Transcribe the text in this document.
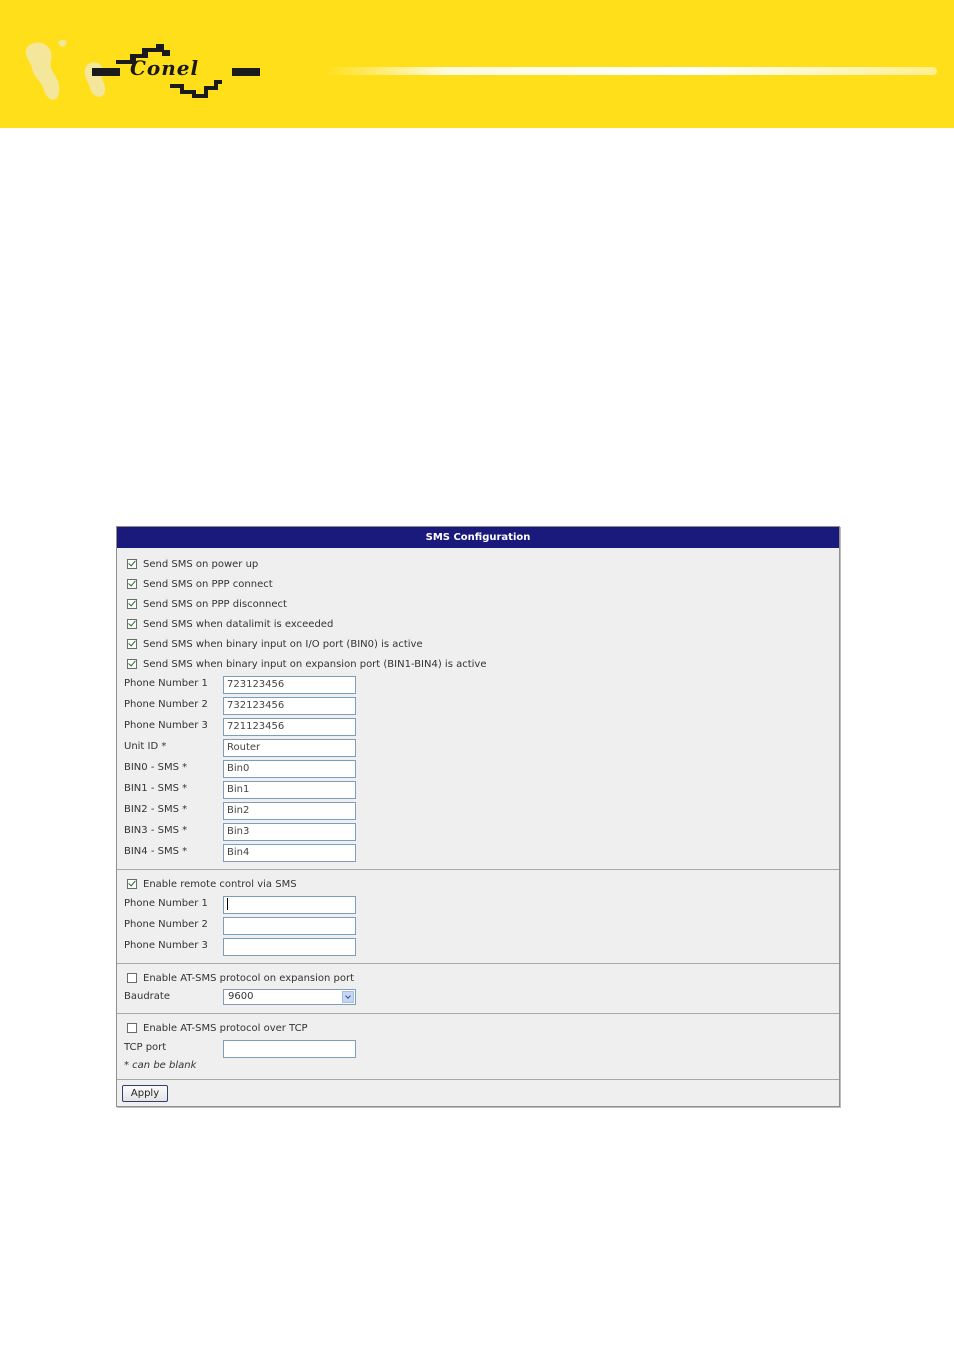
Conel
SMS Configuration
Send SMS on power up
Send SMS on PPP connect
Send SMS on PPP disconnect
Send SMS when datalimit is exceeded
Send SMS when binary input on I/O port (BIN0) is active
Send SMS when binary input on expansion port (BIN1-BIN4) is active
Phone Number 1	723123456
Phone Number 2	732123456
Phone Number 3	721123456
Unit ID *	Router
BIN0 - SMS *	Bin0
BIN1 - SMS *	Bin1
BIN2 - SMS *	Bin2
BIN3 - SMS *	Bin3
BIN4 - SMS *	Bin4
Enable remote control via SMS
Phone Number 1
Phone Number 2
Phone Number 3
Enable AT-SMS protocol on expansion port
Baudrate	9600
Enable AT-SMS protocol over TCP
TCP port
* can be blank
Apply
